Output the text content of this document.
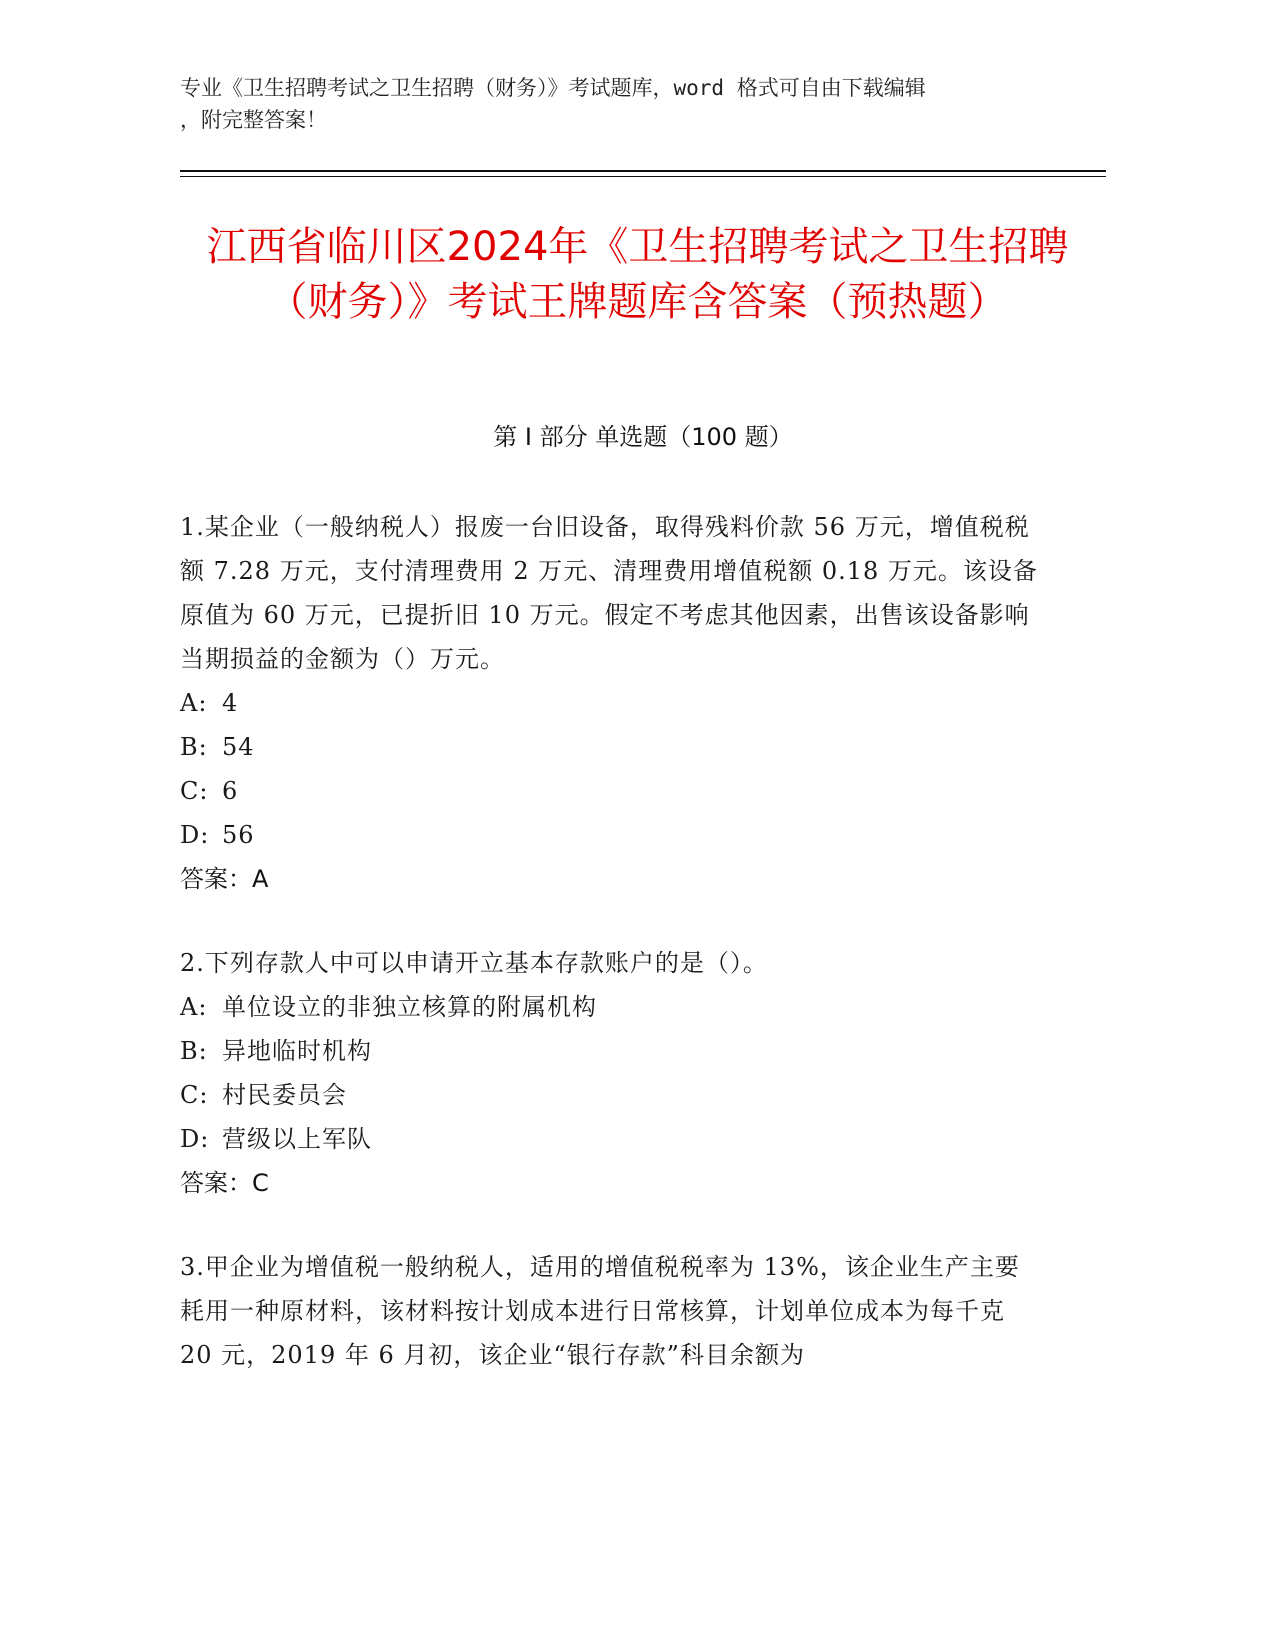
专业《卫生招聘考试之卫生招聘（财务）》考试题库，word 格式可自由下载编辑
，附完整答案！
江西省临川区2024年《卫生招聘考试之卫生招聘（财务）》考试王牌题库含答案（预热题）
第 I 部分 单选题（100 题）

1.某企业（一般纳税人）报废一台旧设备，取得残料价款 56 万元，增值税税额 7.28 万元，支付清理费用 2 万元、清理费用增值税额 0.18 万元。该设备原值为 60 万元，已提折旧 10 万元。假定不考虑其他因素，出售该设备影响当期损益的金额为（）万元。

A: 4

B: 54

C: 6

D: 56

答案：A

2.下列存款人中可以申请开立基本存款账户的是（）。

A: 单位设立的非独立核算的附属机构

B: 异地临时机构

C: 村民委员会

D: 营级以上军队

答案：C

3.甲企业为增值税一般纳税人，适用的增值税税率为 13%，该企业生产主要耗用一种原材料，该材料按计划成本进行日常核算，计划单位成本为每千克 20 元，2019 年 6 月初，该企业“银行存款”科目余额为
